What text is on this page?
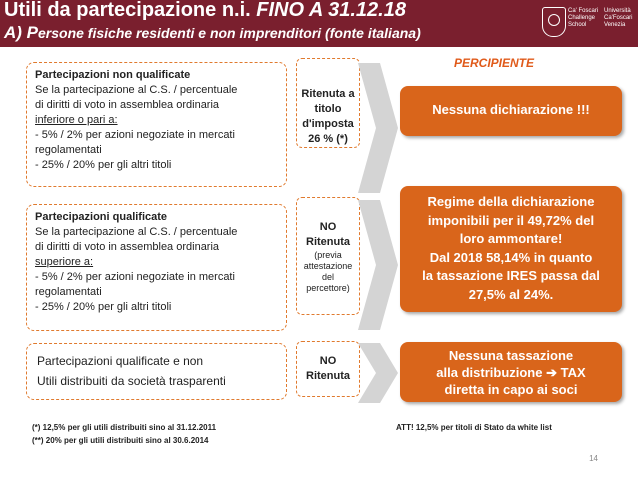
Utili da partecipazione n.i. FINO A 31.12.18
A) Persone fisiche residenti e non imprenditori (fonte italiana)
Ca' Foscari Challenge School
Università Ca'Foscari Venezia
PERCIPIENTE
Partecipazioni non qualificate
Se la partecipazione al C.S. / percentuale
di diritti di voto in assemblea ordinaria
inferiore o pari a:
- 5% / 2% per azioni negoziate in mercati
regolamentati
- 25% / 20% per gli altri titoli
Ritenuta a
titolo
d'imposta
26 % (*)
Nessuna dichiarazione !!!
Partecipazioni qualificate
Se la partecipazione al C.S. / percentuale
di diritti di voto in assemblea ordinaria
superiore a:
- 5% / 2% per azioni negoziate in mercati
regolamentati
- 25% / 20% per gli altri titoli
NO
Ritenuta
(previa
attestazione
del
percettore)
Regime della dichiarazione
imponibili per il 49,72% del
loro ammontare!
Dal 2018 58,14% in quanto
la tassazione IRES passa dal
27,5% al 24%.
Partecipazioni qualificate e non
Utili distribuiti da società trasparenti
NO
Ritenuta
Nessuna tassazione
alla distribuzione ➔ TAX
diretta in capo ai soci
(*) 12,5% per gli utili distribuiti sino al 31.12.2011
(**) 20% per gli utili distribuiti sino al 30.6.2014
ATT! 12,5% per titoli di Stato da white list
14
